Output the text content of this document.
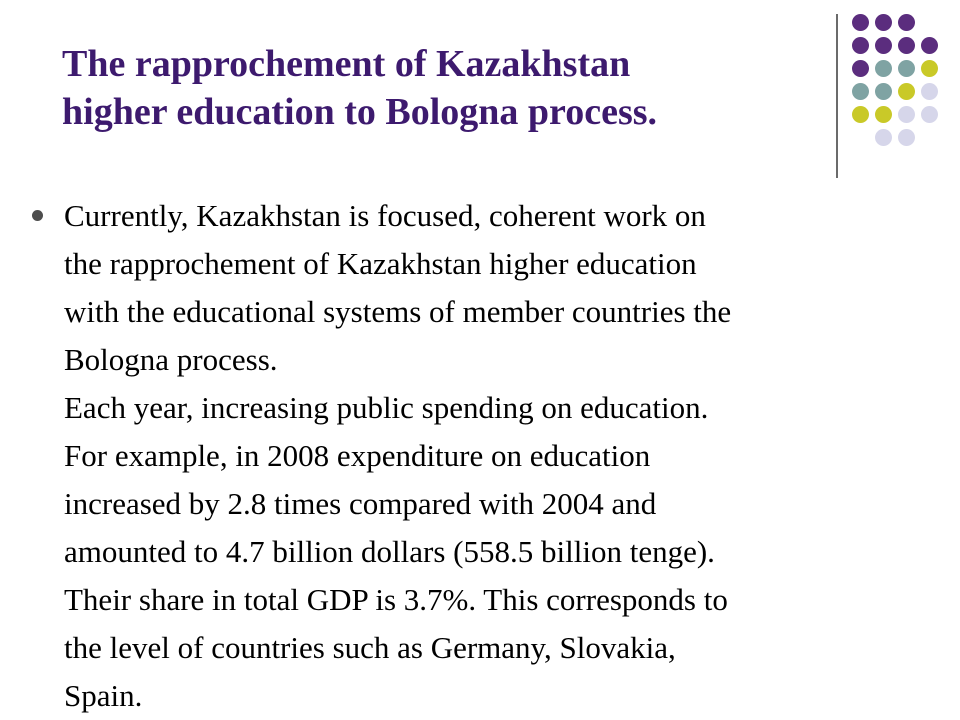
The rapprochement of Kazakhstan
higher education to Bologna process.
Currently, Kazakhstan is focused, coherent work on
the rapprochement of Kazakhstan higher education
with the educational systems of member countries the
Bologna process.
Each year, increasing public spending on education.
For example, in 2008 expenditure on education
increased by 2.8 times compared with 2004 and
amounted to 4.7 billion dollars (558.5 billion tenge).
Their share in total GDP is 3.7%. This corresponds to
the level of countries such as Germany, Slovakia,
Spain.
